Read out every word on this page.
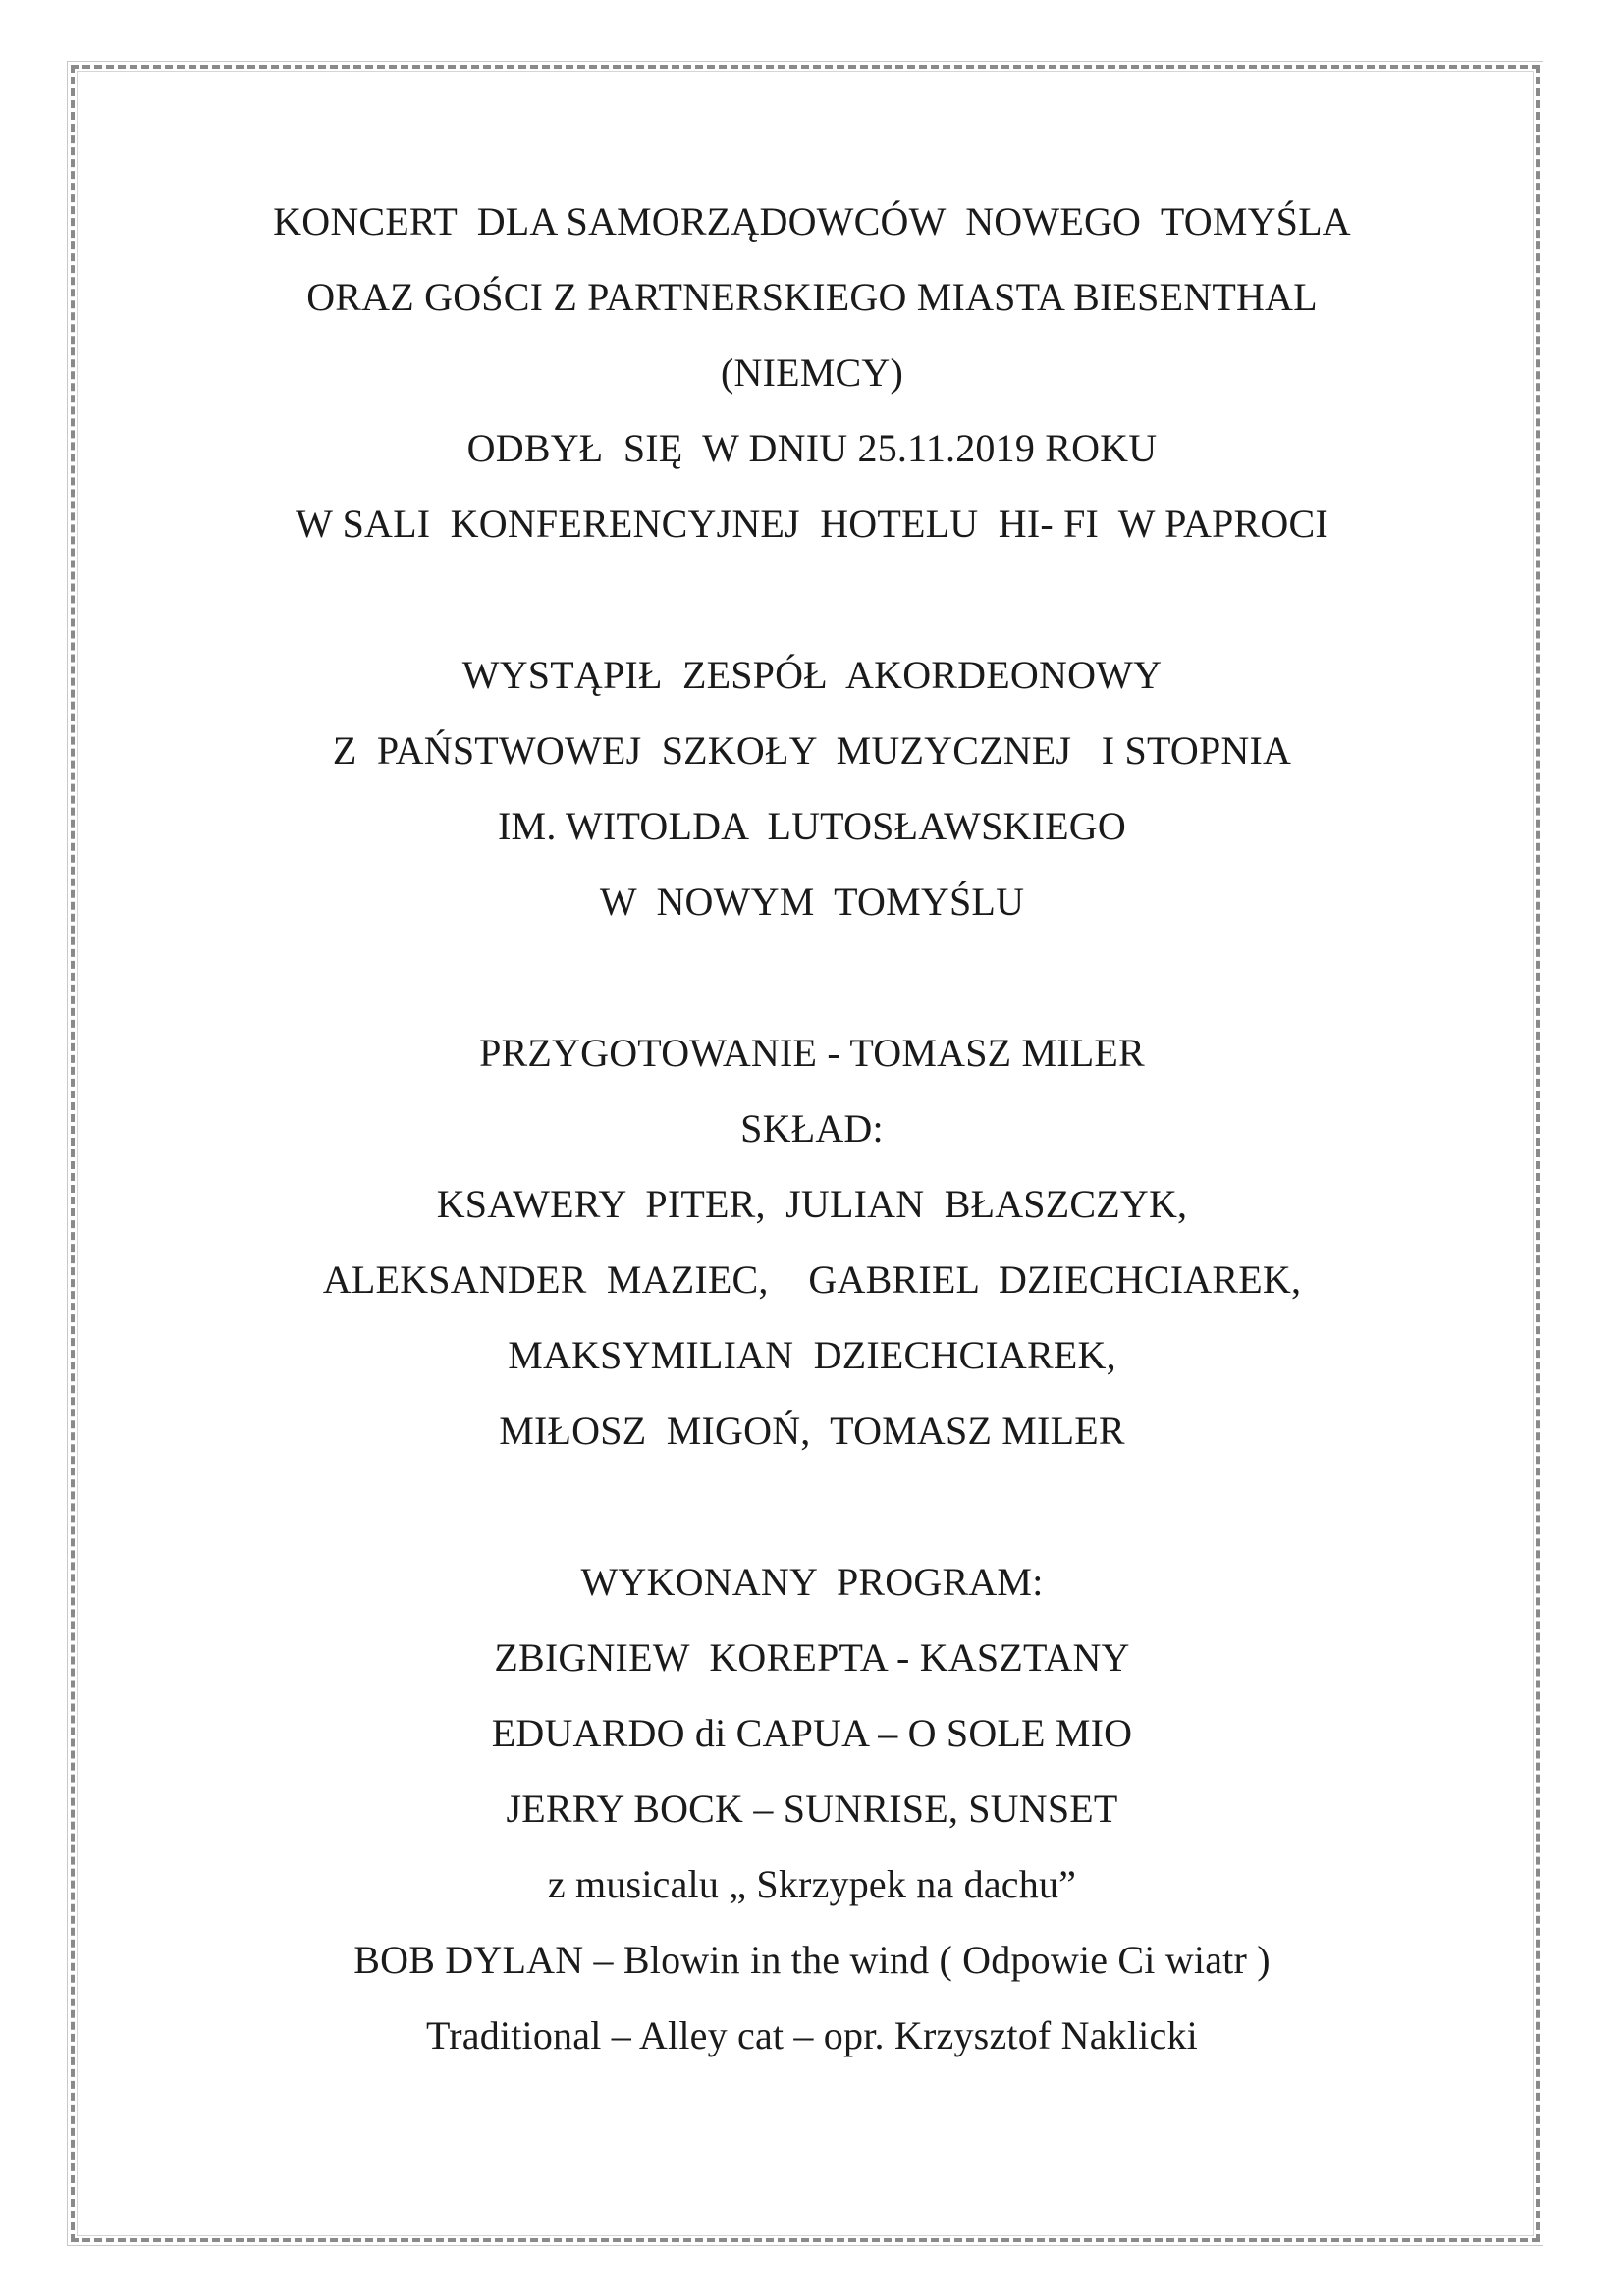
KONCERT  DLA SAMORZĄDOWCÓW  NOWEGO  TOMYŚLA
ORAZ GOŚCI Z PARTNERSKIEGO MIASTA BIESENTHAL
(NIEMCY)
ODBYŁ  SIĘ  W DNIU 25.11.2019 ROKU
W SALI  KONFERENCYJNEJ  HOTELU  HI- FI  W PAPROCI
WYSTĄPIŁ  ZESPÓŁ  AKORDEONOWY
Z  PAŃSTWOWEJ  SZKOŁY  MUZYCZNEJ   I STOPNIA
IM. WITOLDA  LUTOSŁAWSKIEGO
W  NOWYM  TOMYŚLU
PRZYGOTOWANIE - TOMASZ MILER
SKŁAD:
KSAWERY  PITER,  JULIAN  BŁASZCZYK,
ALEKSANDER  MAZIEC,    GABRIEL  DZIECHCIAREK,
MAKSYMILIAN  DZIECHCIAREK,
MIŁOSZ  MIGOŃ,  TOMASZ MILER
WYKONANY  PROGRAM:
ZBIGNIEW  KOREPTA - KASZTANY
EDUARDO di CAPUA – O SOLE MIO
JERRY BOCK – SUNRISE, SUNSET
z musicalu „ Skrzypek na dachu”
BOB DYLAN – Blowin in the wind ( Odpowie Ci wiatr )
Traditional – Alley cat – opr. Krzysztof Naklicki
